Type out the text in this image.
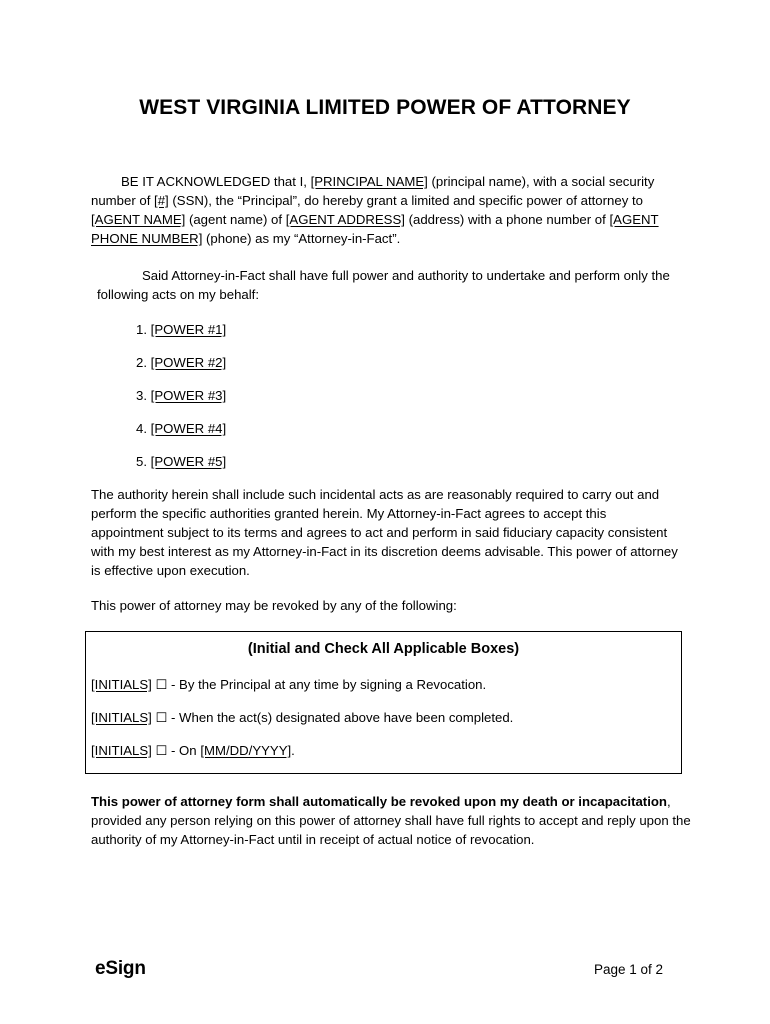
WEST VIRGINIA LIMITED POWER OF ATTORNEY
BE IT ACKNOWLEDGED that I, [PRINCIPAL NAME] (principal name), with a social security number of [#] (SSN), the “Principal”, do hereby grant a limited and specific power of attorney to [AGENT NAME] (agent name) of [AGENT ADDRESS] (address) with a phone number of [AGENT PHONE NUMBER] (phone) as my “Attorney-in-Fact”.
Said Attorney-in-Fact shall have full power and authority to undertake and perform only the following acts on my behalf:
1. [POWER #1]
2. [POWER #2]
3. [POWER #3]
4. [POWER #4]
5. [POWER #5]
The authority herein shall include such incidental acts as are reasonably required to carry out and perform the specific authorities granted herein. My Attorney-in-Fact agrees to accept this appointment subject to its terms and agrees to act and perform in said fiduciary capacity consistent with my best interest as my Attorney-in-Fact in its discretion deems advisable. This power of attorney is effective upon execution.
This power of attorney may be revoked by any of the following:
(Initial and Check All Applicable Boxes)
[INITIALS] ☐ - By the Principal at any time by signing a Revocation.
[INITIALS] ☐ - When the act(s) designated above have been completed.
[INITIALS] ☐ - On [MM/DD/YYYY].
This power of attorney form shall automatically be revoked upon my death or incapacitation, provided any person relying on this power of attorney shall have full rights to accept and reply upon the authority of my Attorney-in-Fact until in receipt of actual notice of revocation.
eSign	Page 1 of 2
